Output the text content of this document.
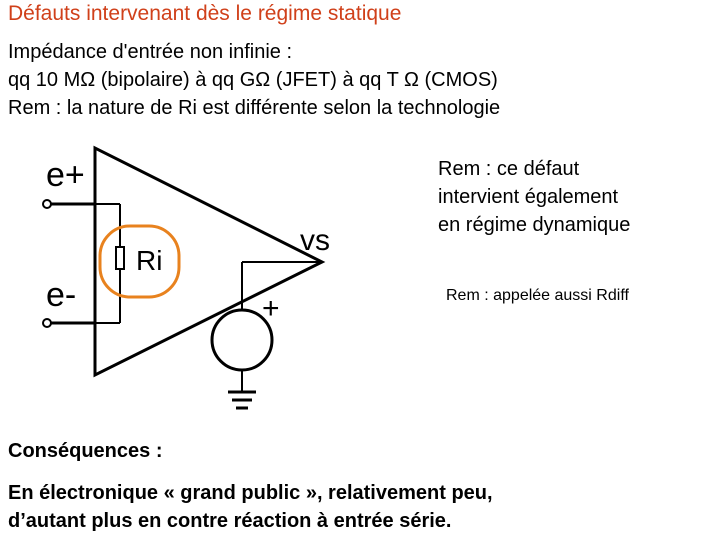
Défauts intervenant dès le régime statique
Impédance d'entrée non infinie :
qq 10 MΩ (bipolaire) à qq GΩ (JFET) à qq T Ω (CMOS)
Rem : la nature de Ri est différente selon la technologie
e+
e-
Ri
vs
+
Rem : ce défaut
intervient également
en régime dynamique
Rem : appelée aussi Rdiff
Conséquences :
En électronique « grand public », relativement peu,
d’autant plus en contre réaction à entrée série.
